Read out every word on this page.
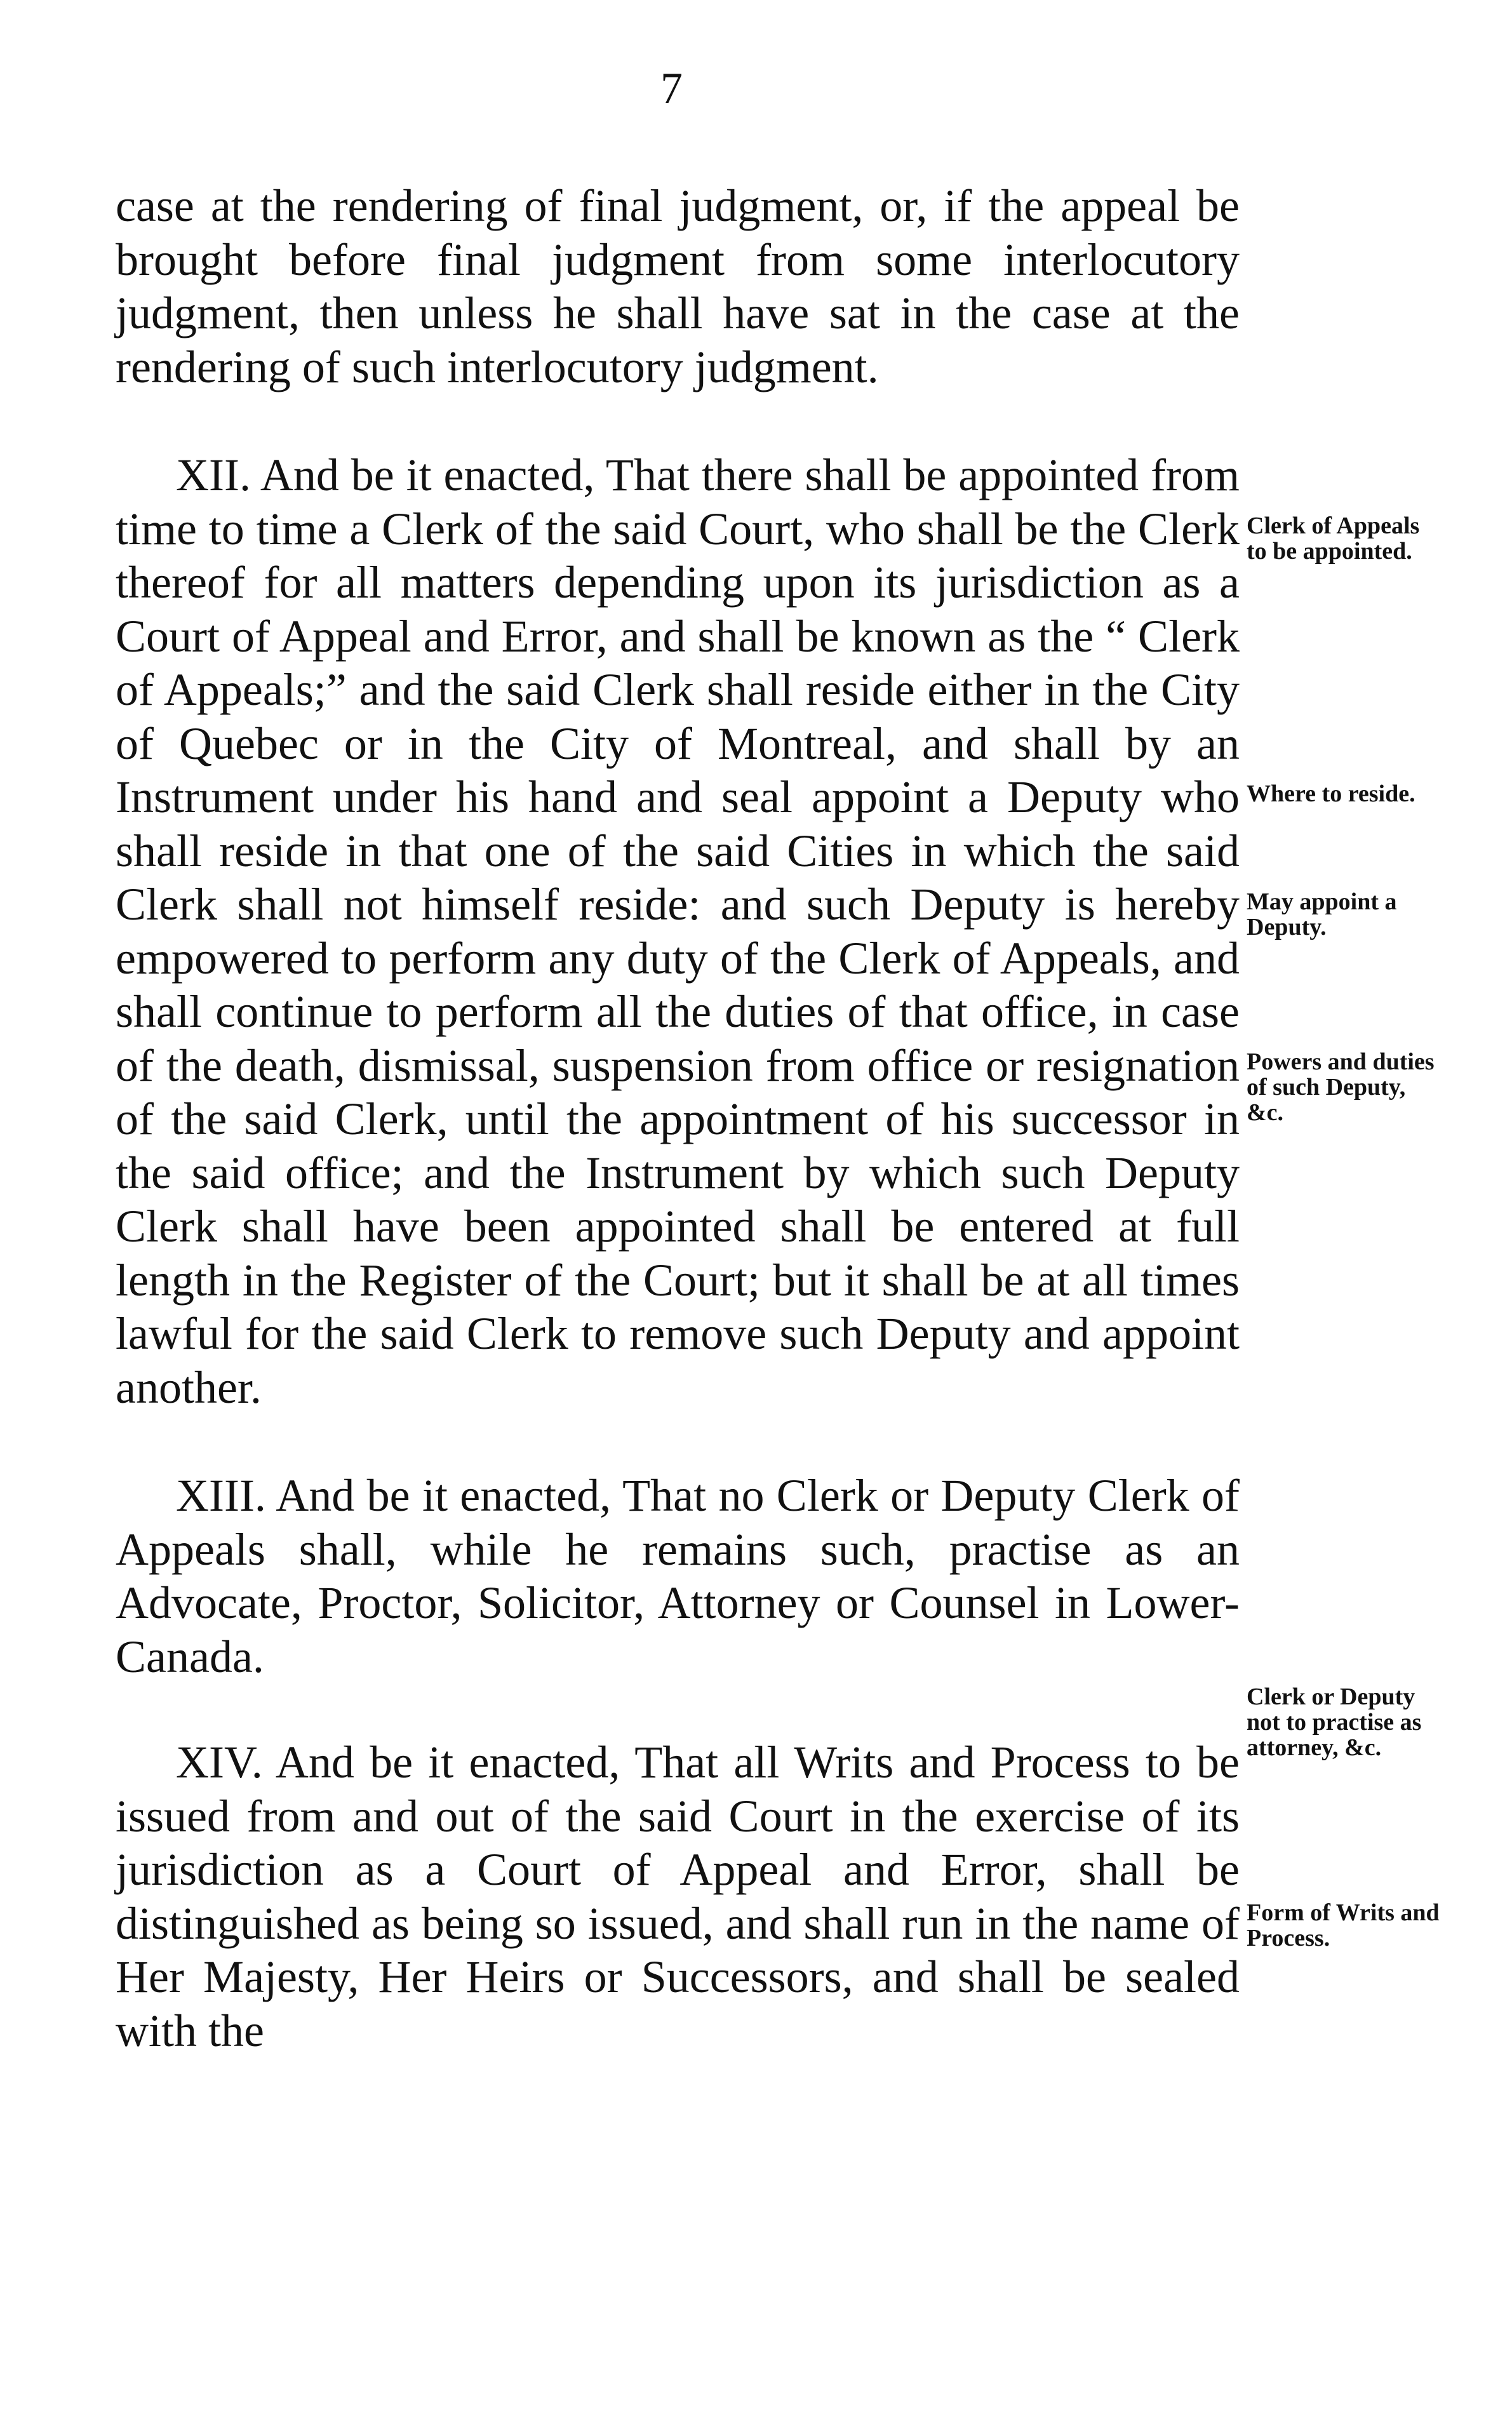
7

case at the rendering of final judgment, or, if the appeal be brought before final judgment from some interlocutory judgment, then unless he shall have sat in the case at the rendering of such interlocutory judgment.

XII. And be it enacted, That there shall be appointed from time to time a Clerk of the said Court, who shall be the Clerk thereof for all matters depending upon its jurisdiction as a Court of Appeal and Error, and shall be known as the “ Clerk of Appeals;” and the said Clerk shall reside either in the City of Quebec or in the City of Montreal, and shall by an Instrument under his hand and seal appoint a Deputy who shall reside in that one of the said Cities in which the said Clerk shall not himself reside: and such Deputy is hereby empowered to perform any duty of the Clerk of Appeals, and shall continue to perform all the duties of that office, in case of the death, dismissal, suspension from office or resignation of the said Clerk, until the appointment of his successor in the said office; and the Instrument by which such Deputy Clerk shall have been appointed shall be entered at full length in the Register of the Court; but it shall be at all times lawful for the said Clerk to remove such Deputy and appoint another.

XIII. And be it enacted, That no Clerk or Deputy Clerk of Appeals shall, while he remains such, practise as an Advocate, Proctor, Solicitor, Attorney or Counsel in Lower-Canada.

XIV. And be it enacted, That all Writs and Process to be issued from and out of the said Court in the exercise of its jurisdiction as a Court of Appeal and Error, shall be distinguished as being so issued, and shall run in the name of Her Majesty, Her Heirs or Successors, and shall be sealed with the

Clerk of Appeals to be appointed.
Where to reside.
May appoint a Deputy.
Powers and duties of such Deputy, &c.
Clerk or Deputy not to practise as attorney, &c.
Form of Writs and Process.
